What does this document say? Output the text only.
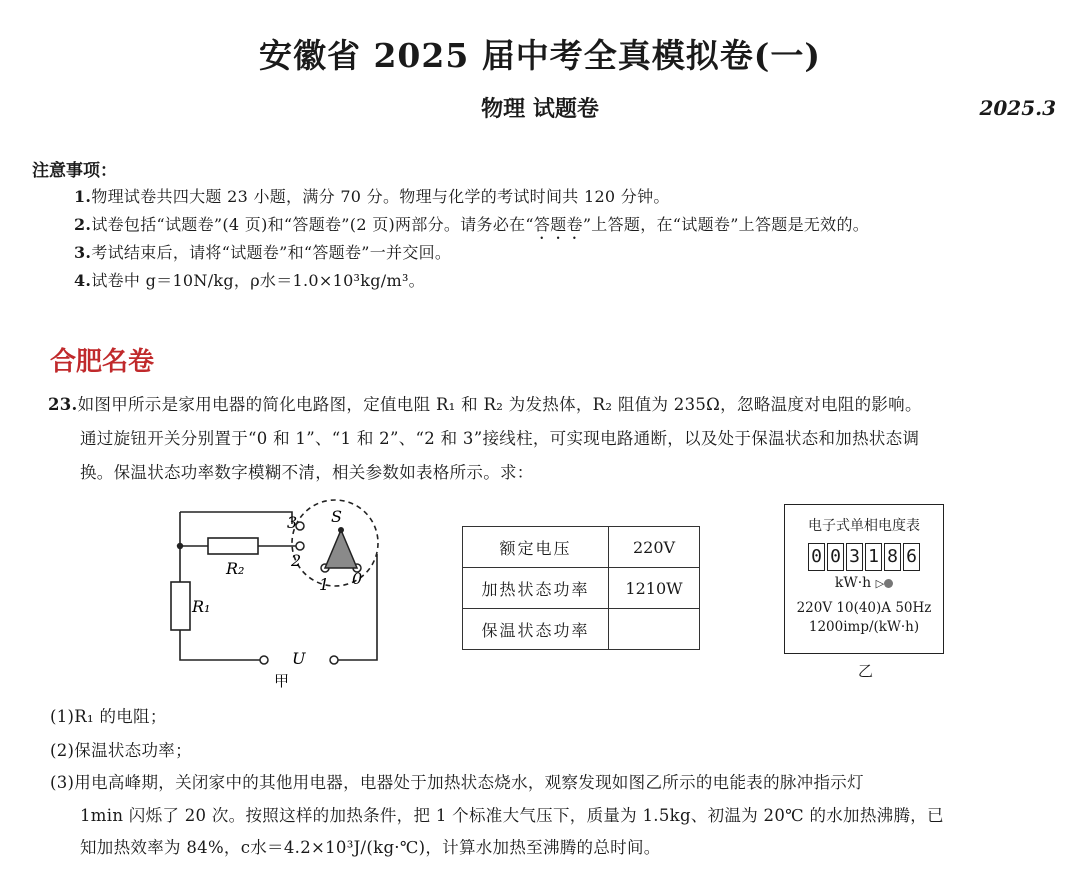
安徽省 2025 届中考全真模拟卷(一)
物理 试题卷	2025.3
注意事项：
1.物理试卷共四大题 23 小题，满分 70 分。物理与化学的考试时间共 120 分钟。
2.试卷包括“试题卷”(4 页)和“答题卷”(2 页)两部分。请务必在“答题卷”上答题，在“试题卷”上答题是无效的。
3.考试结束后，请将“试题卷”和“答题卷”一并交回。
4.试卷中 g＝10N/kg，ρ水＝1.0×10³kg/m³。
合肥名卷
23.如图甲所示是家用电器的简化电路图，定值电阻 R₁ 和 R₂ 为发热体，R₂ 阻值为 235Ω，忽略温度对电阻的影响。
通过旋钮开关分别置于“0 和 1”、“1 和 2”、“2 和 3”接线柱，可实现电路通断，以及处于保温状态和加热状态调
换。保温状态功率数字模糊不清，相关参数如表格所示。求：
S
3
2
1 0
R₂
R₁
U
甲
额定电压	220V
加热状态功率	1210W
保温状态功率	
电子式单相电度表
0 0 3 1 8 6
kW·h ▷
220V 10(40)A 50Hz
1200imp/(kW·h)
乙
(1)R₁ 的电阻；
(2)保温状态功率；
(3)用电高峰期，关闭家中的其他用电器，电器处于加热状态烧水，观察发现如图乙所示的电能表的脉冲指示灯
1min 闪烁了 20 次。按照这样的加热条件，把 1 个标准大气压下，质量为 1.5kg、初温为 20℃ 的水加热沸腾，已
知加热效率为 84%，c水＝4.2×10³J/(kg·℃)，计算水加热至沸腾的总时间。
